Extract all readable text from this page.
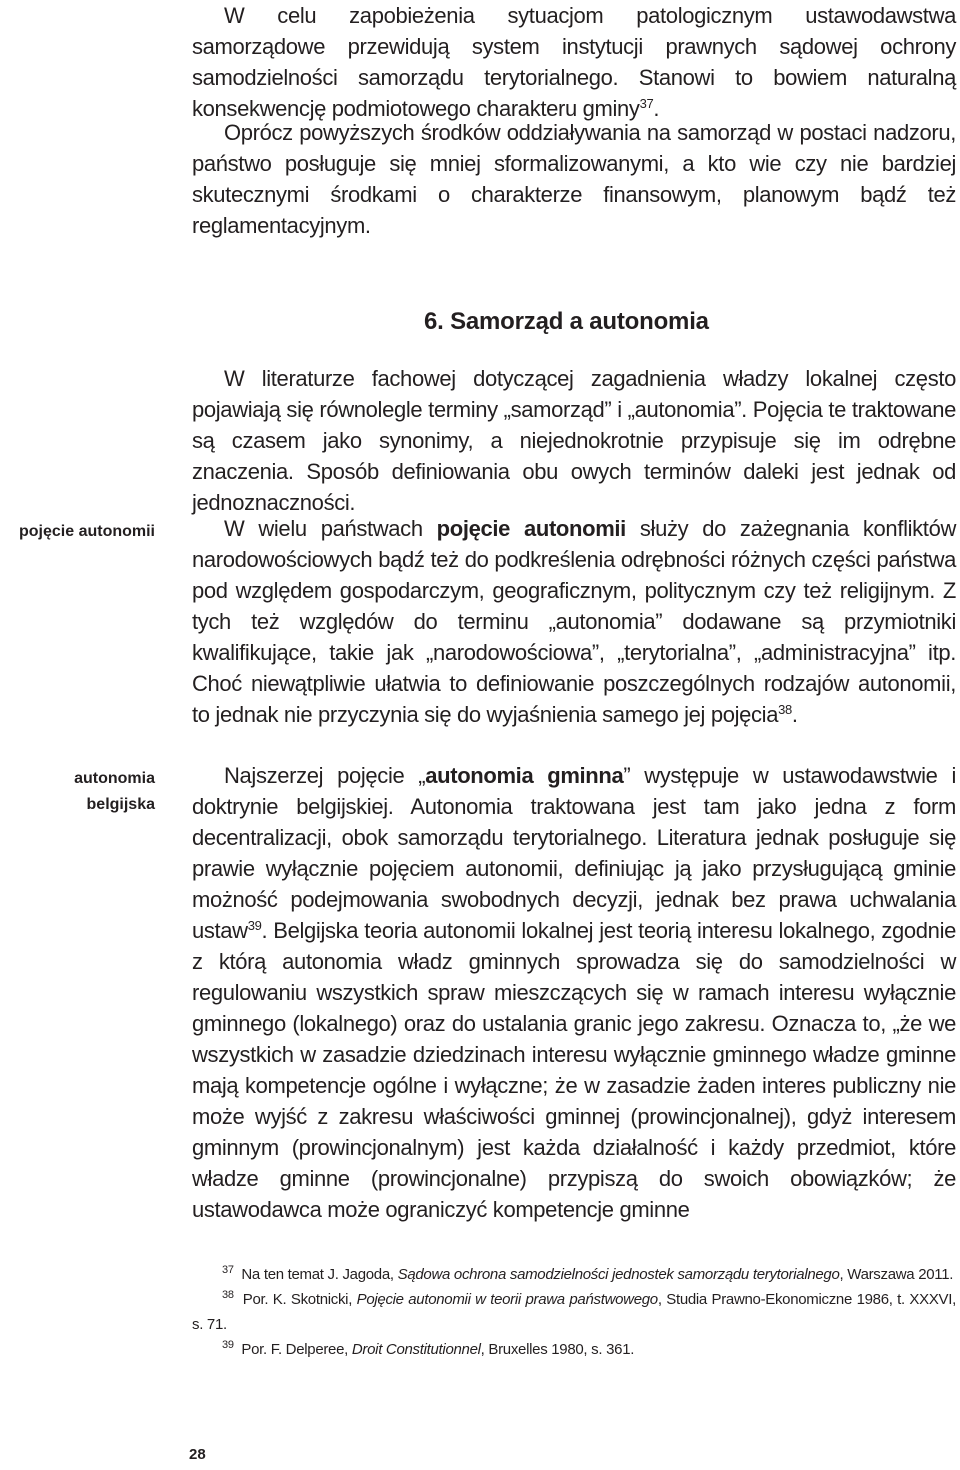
W celu zapobieżenia sytuacjom patologicznym ustawodawstwa samorządowe przewidują system instytucji prawnych sądowej ochrony samodzielności samorządu terytorialnego. Stanowi to bowiem naturalną konsekwencję podmiotowego charakteru gminy$^{37}$.

Oprócz powyższych środków oddziaływania na samorząd w postaci nadzoru, państwo posługuje się mniej sformalizowanymi, a kto wie czy nie bardziej skutecznymi środkami o charakterze finansowym, planowym bądź też reglamentacyjnym.

6. Samorząd a autonomia

W literaturze fachowej dotyczącej zagadnienia władzy lokalnej często pojawiają się równolegle terminy „samorząd” i „autonomia”. Pojęcia te traktowane są czasem jako synonimy, a niejednokrotnie przypisuje się im odrębne znaczenia. Sposób definiowania obu owych terminów daleki jest jednak od jednoznaczności.

W wielu państwach pojęcie autonomii służy do zażegnania konfliktów narodowościowych bądź też do podkreślenia odrębności różnych części państwa pod względem gospodarczym, geograficznym, politycznym czy też religijnym. Z tych też względów do terminu „autonomia” dodawane są przymiotniki kwalifikujące, takie jak „narodowościowa”, „terytorialna”, „administracyjna” itp. Choć niewątpliwie ułatwia to definiowanie poszczególnych rodzajów autonomii, to jednak nie przyczynia się do wyjaśnienia samego jej pojęcia$^{38}$.

Najszerzej pojęcie „autonomia gminna” występuje w ustawodawstwie i doktrynie belgijskiej. Autonomia traktowana jest tam jako jedna z form decentralizacji, obok samorządu terytorialnego. Literatura jednak posługuje się prawie wyłącznie pojęciem autonomii, definiując ją jako przysługującą gminie możność podejmowania swobodnych decyzji, jednak bez prawa uchwalania ustaw$^{39}$. Belgijska teoria autonomii lokalnej jest teorią interesu lokalnego, zgodnie z którą autonomia władz gminnych sprowadza się do samodzielności w regulowaniu wszystkich spraw mieszczących się w ramach interesu wyłącznie gminnego (lokalnego) oraz do ustalania granic jego zakresu. Oznacza to, „że we wszystkich w zasadzie dziedzinach interesu wyłącznie gminnego władze gminne mają kompetencje ogólne i wyłączne; że w zasadzie żaden interes publiczny nie może wyjść z zakresu właściwości gminnej (prowincjonalnej), gdyż interesem gminnym (prowincjonalnym) jest każda działalność i każdy przedmiot, które władze gminne (prowincjonalne) przypiszą do swoich obowiązków; że ustawodawca może ograniczyć kompetencje gminne

pojęcie autonomii
autonomia
belgijska

$^{37}$ Na ten temat J. Jagoda, Sądowa ochrona samodzielności jednostek samorządu terytorialnego, Warszawa 2011.

$^{38}$ Por. K. Skotnicki, Pojęcie autonomii w teorii prawa państwowego, Studia Prawno-Ekonomiczne 1986, t. XXXVI, s. 71.

$^{39}$ Por. F. Delperee, Droit Constitutionnel, Bruxelles 1980, s. 361.

28
